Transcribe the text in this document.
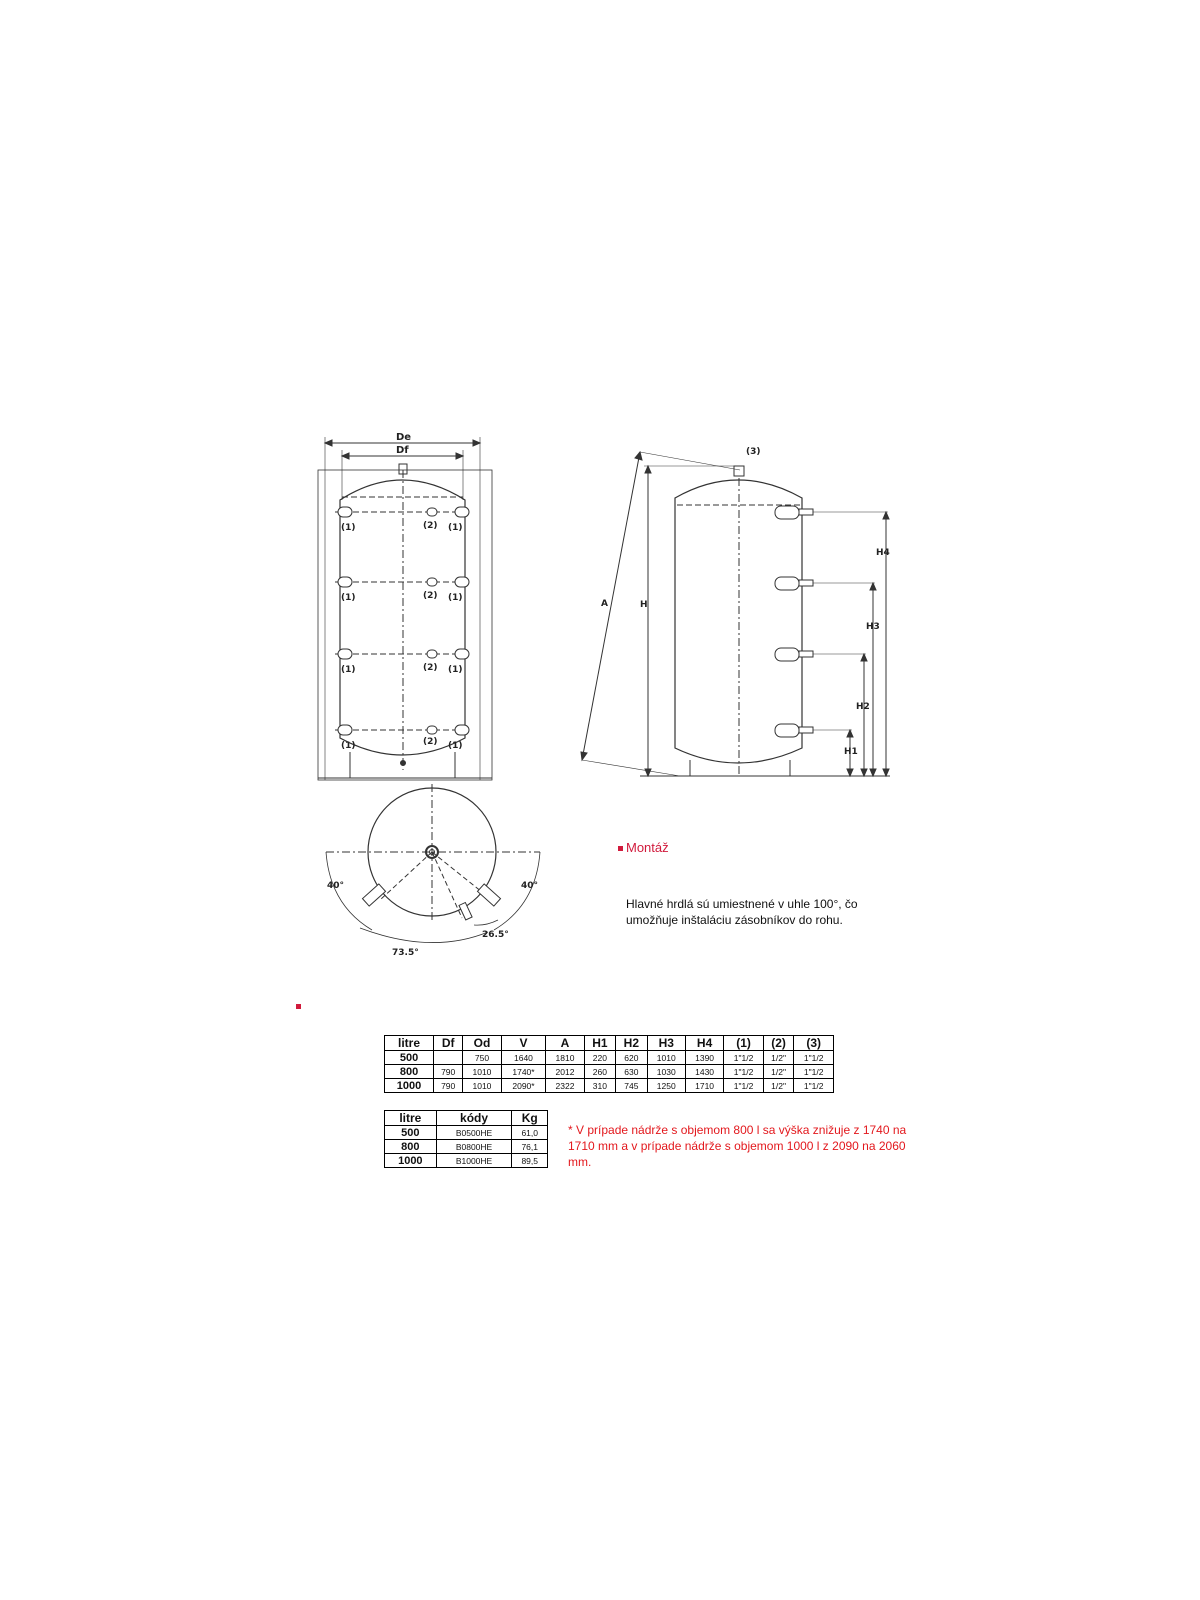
De
Df
(1)	(2) (1)
(1)	(2) (1)
(1)	(2) (1)
(1)	(2) (1)
(3)
A	H
H4
H3
H2
H1
40°	40°
73.5°
26.5°
Montáž
Hlavné hrdlá sú umiestnené v uhle 100°, čo umožňuje inštaláciu zásobníkov do rohu.
litre	Df	Od	V	A	H1	H2	H3	H4	(1)	(2)	(3)
500		750	1640	1810	220	620	1010	1390	1"1/2	1/2"	1"1/2
800	790	1010	1740*	2012	260	630	1030	1430	1"1/2	1/2"	1"1/2
1000	790	1010	2090*	2322	310	745	1250	1710	1"1/2	1/2"	1"1/2
litre	kódy	Kg
500	B0500HE	61,0
800	B0800HE	76,1
1000	B1000HE	89,5
* V prípade nádrže s objemom 800 l sa výška znižuje z 1740 na 1710 mm a v prípade nádrže s objemom 1000 l z 2090 na 2060 mm.
